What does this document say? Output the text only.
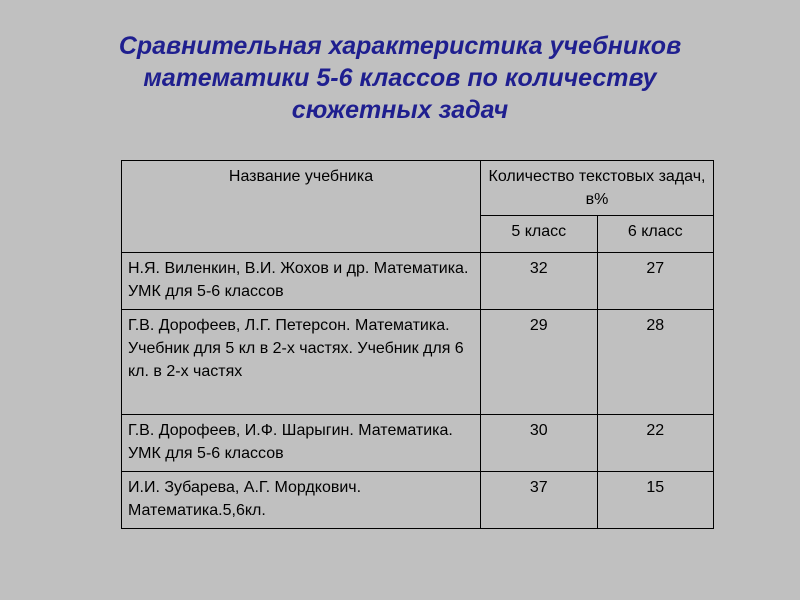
Сравнительная характеристика учебников
математики 5-6 классов по количеству
сюжетных задач
Название учебника	Количество текстовых задач, в%	
	5 класс	6 класс
Н.Я. Виленкин, В.И. Жохов и др. Математика. УМК для 5-6 классов	32	27
Г.В. Дорофеев, Л.Г. Петерсон. Математика. Учебник для 5 кл в 2-х частях. Учебник для 6 кл. в 2-х частях	29	28
Г.В. Дорофеев, И.Ф. Шарыгин. Математика. УМК для 5-6 классов	30	22
И.И. Зубарева, А.Г. Мордкович. Математика.5,6кл.	37	15
